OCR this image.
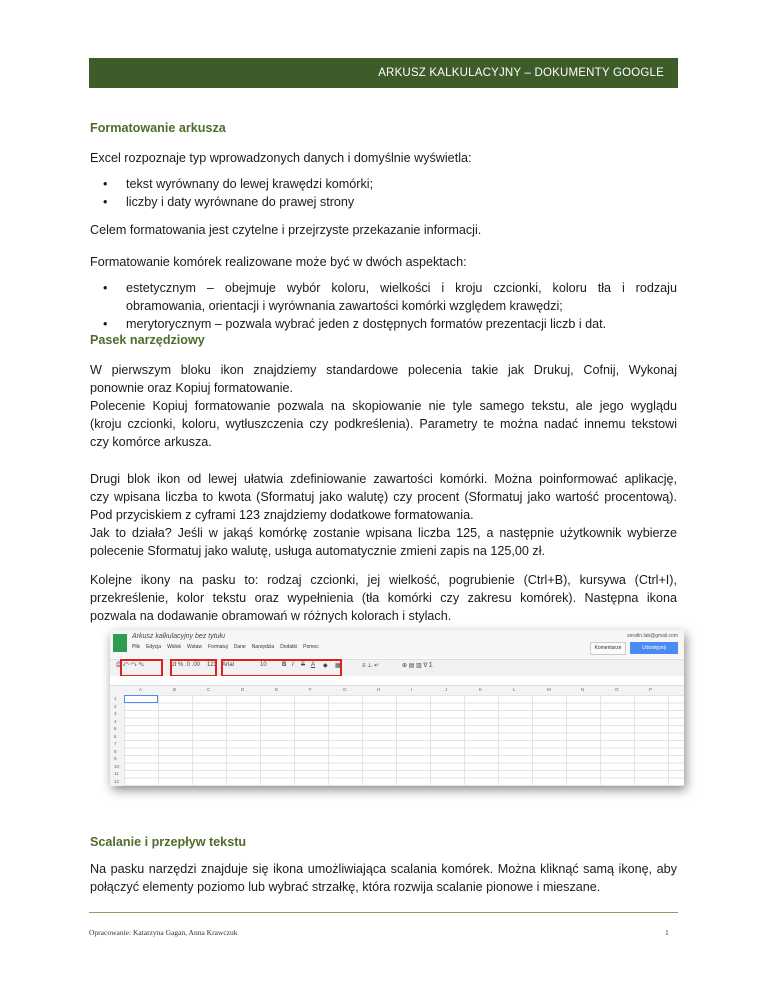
ARKUSZ KALKULACYJNY – DOKUMENTY GOOGLE
Formatowanie arkusza
Excel rozpoznaje typ wprowadzonych danych i domyślnie wyświetla:
• tekst wyrównany do lewej krawędzi komórki;
• liczby i daty wyrównane do prawej strony
Celem formatowania jest czytelne i przejrzyste przekazanie informacji.
Formatowanie komórek realizowane może być w dwóch aspektach:
• estetycznym – obejmuje wybór koloru, wielkości i kroju czcionki, koloru tła i rodzaju
obramowania, orientacji i wyrównania zawartości komórki względem krawędzi;
• merytorycznym – pozwala wybrać jeden z dostępnych formatów prezentacji liczb i dat.
Pasek narzędziowy
W pierwszym bloku ikon znajdziemy standardowe polecenia takie jak Drukuj, Cofnij, Wykonaj
ponownie oraz Kopiuj formatowanie.
Polecenie Kopiuj formatowanie pozwala na skopiowanie nie tyle samego tekstu, ale jego wyglądu
(kroju czcionki, koloru, wytłuszczenia czy podkreślenia). Parametry te można nadać innemu tekstowi
czy komórce arkusza.
Drugi blok ikon od lewej ułatwia zdefiniowanie zawartości komórki. Można poinformować aplikację,
czy wpisana liczba to kwota (Sformatuj jako walutę) czy procent (Sformatuj jako wartość procentową).
Pod przyciskiem z cyframi 123 znajdziemy dodatkowe formatowania.
Jak to działa? Jeśli w jakąś komórkę zostanie wpisana liczba 125, a następnie użytkownik wybierze
polecenie Sformatuj jako walutę, usługa automatycznie zmieni zapis na 125,00 zł.
Kolejne ikony na pasku to: rodzaj czcionki, jej wielkość, pogrubienie (Ctrl+B), kursywa (Ctrl+I),
przekreślenie, kolor tekstu oraz wypełnienia (tła komórki czy zakresu komórek). Następna ikona
pozwala na dodawanie obramowań w różnych kolorach i stylach.
Scalanie i przepływ tekstu
Na pasku narzędzi znajduje się ikona umożliwiająca scalania komórek. Można kliknąć samą ikonę, aby
połączyć elementy poziomo lub wybrać strzałkę, która rozwija scalanie pionowe i mieszane.
Arkusz kalkulacyjny bez tytułu
Plik Edycja Widok Wstaw Formatuj Dane Narzędzia Dodatki Pomoc
serafin.lab@gmail.com
Komentarze	Udostępnij
⎙ ↶ ↷ ✎	zł % .0 .00 123 Arial	10	B I S A ◆ ▦	≡ ⊥ ↵	⊕ ▤ ▥ ∇ Σ
A	B	C	D	E	F	G	H	I	J	K	L	M	N	O	P
1
2
3
4
5
6
7
8
9
10
11
12
Opracowanie: Katarzyna Gagan, Anna Krawczuk	1
